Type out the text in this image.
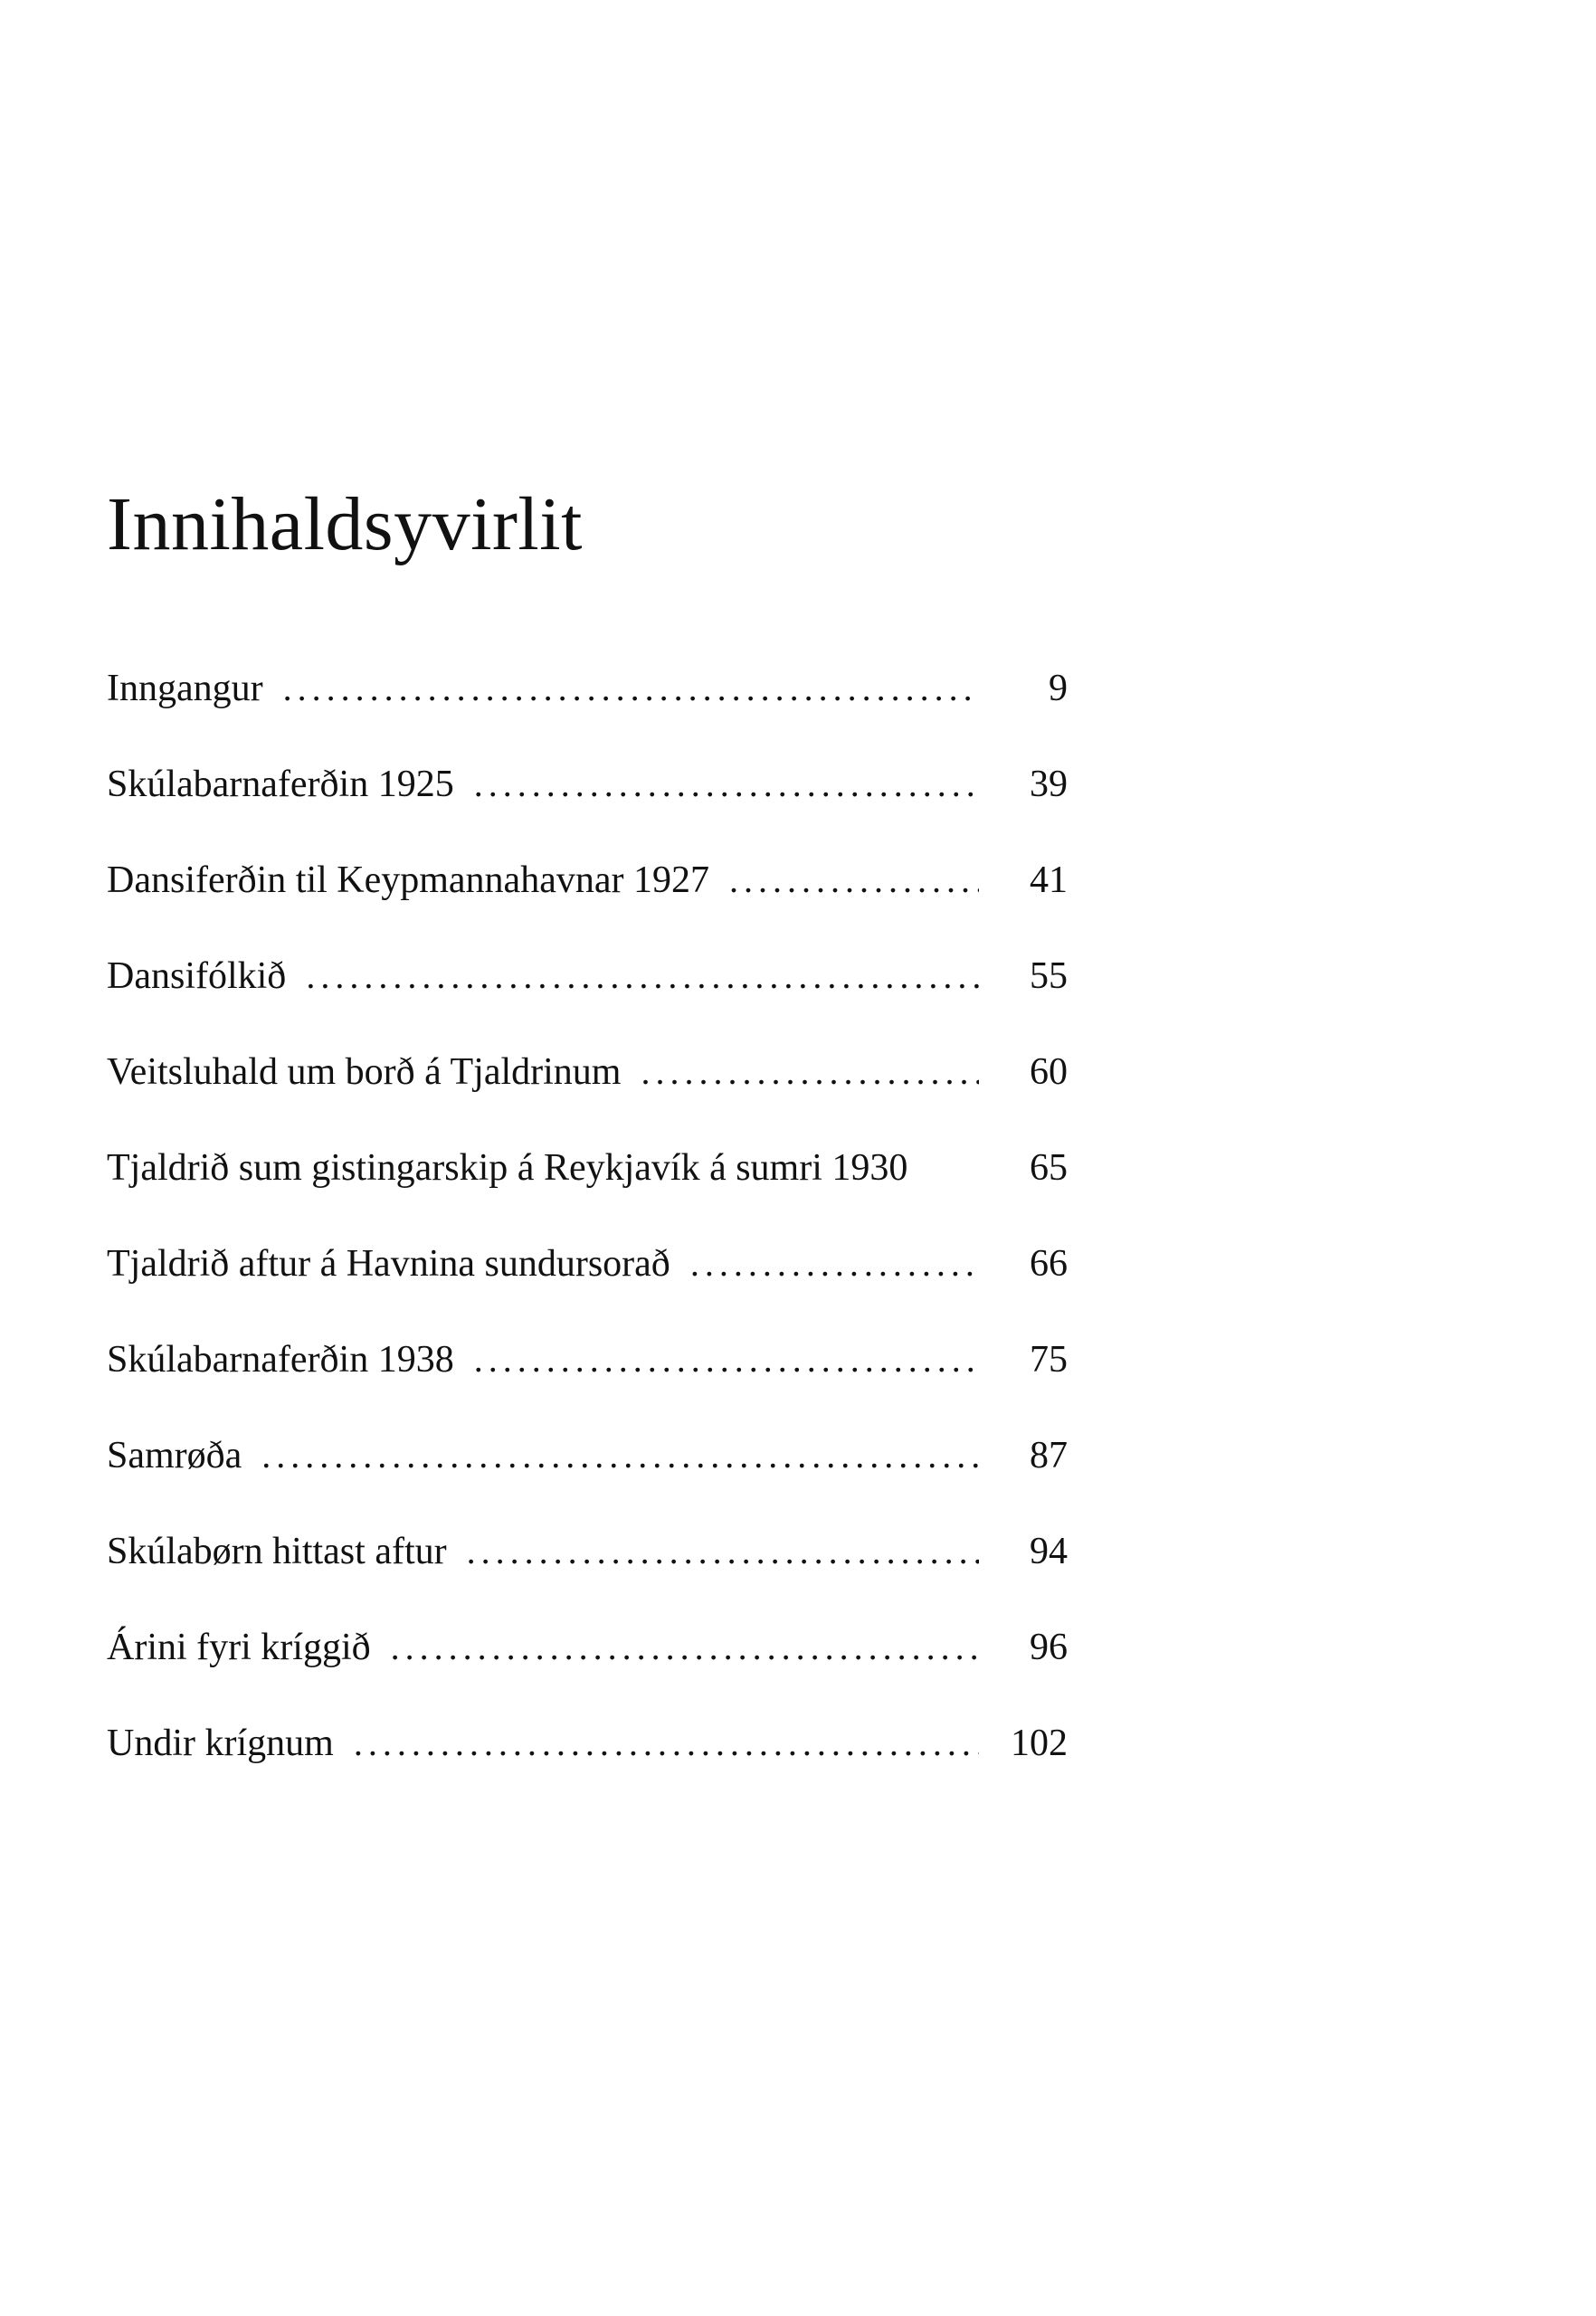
Innihaldsyvirlit
Inngangur . . .	9
Skúlabarnaferðin 1925 . . .	39
Dansiferðin til Keypmannahavnar 1927 . . .	41
Dansifólkið . . .	55
Veitsluhald um borð á Tjaldrinum . . .	60
Tjaldrið sum gistingarskip á Reykjavík á sumri 1930	65
Tjaldrið aftur á Havnina sundursorað . . .	66
Skúlabarnaferðin 1938 . . .	75
Samrøða . . .	87
Skúlabørn hittast aftur . . .	94
Árini fyri kríggið . . .	96
Undir krígnum . . .	102
